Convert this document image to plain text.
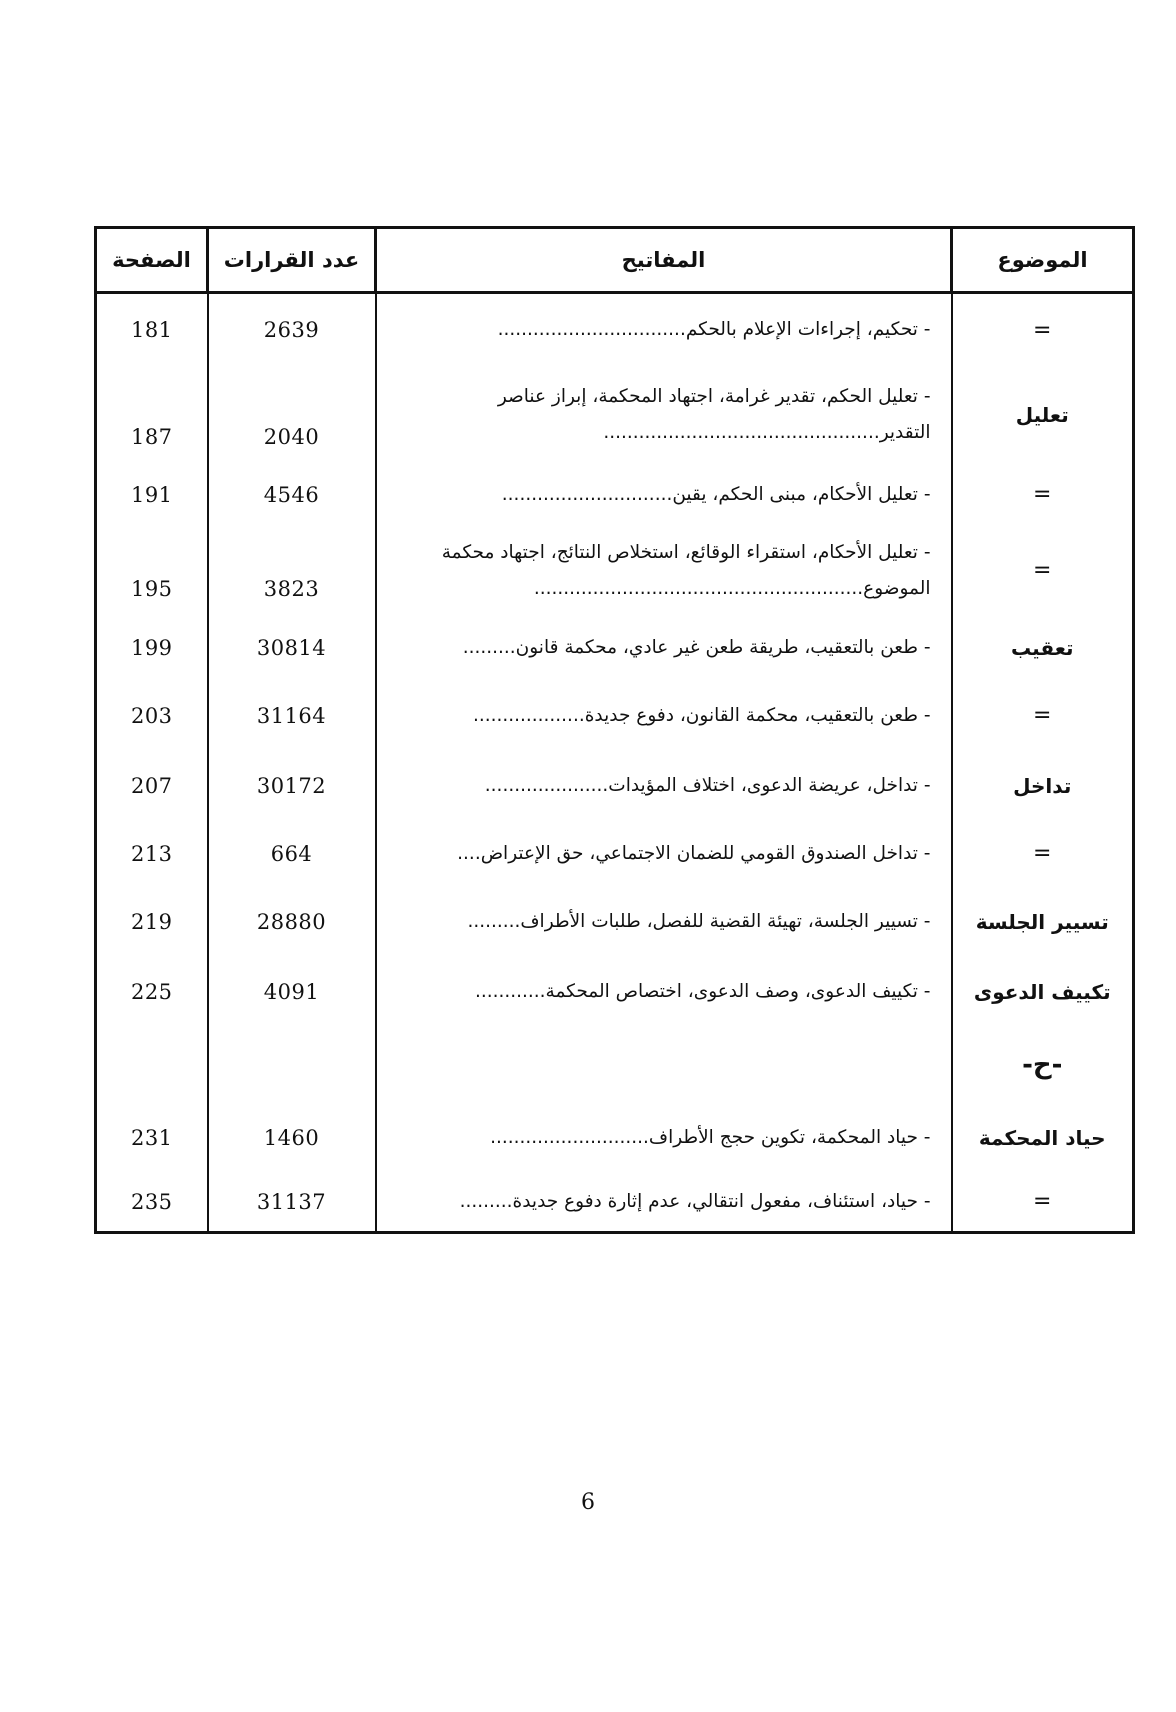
الصفحة	عدد القرارات	المفاتيح	الموضوع
181	2639	- تحكيم، إجراءات الإعلام بالحكم................................	=
187	2040	- تعليل الحكم، تقدير غرامة، اجتهاد المحكمة، إبراز عناصر
التقدير...............................................	تعليل
191	4546	- تعليل الأحكام، مبنى الحكم، يقين.............................	=
195	3823	- تعليل الأحكام، استقراء الوقائع، استخلاص النتائج، اجتهاد محكمة
الموضوع........................................................	=
199	30814	- طعن بالتعقيب، طريقة طعن غير عادي، محكمة قانون.........	تعقيب
203	31164	- طعن بالتعقيب، محكمة القانون، دفوع جديدة...................	=
207	30172	- تداخل، عريضة الدعوى، اختلاف المؤيدات.....................	تداخل
213	664	- تداخل الصندوق القومي للضمان الاجتماعي، حق الإعتراض....	=
219	28880	- تسيير الجلسة، تهيئة القضية للفصل، طلبات الأطراف.........	تسيير الجلسة
225	4091	- تكييف الدعوى، وصف الدعوى، اختصاص المحكمة............	تكييف الدعوى
			-ح-
231	1460	- حياد المحكمة، تكوين حجج الأطراف...........................	حياد المحكمة
235	31137	- حياد، استئناف، مفعول انتقالي، عدم إثارة دفوع جديدة.........	=
6
